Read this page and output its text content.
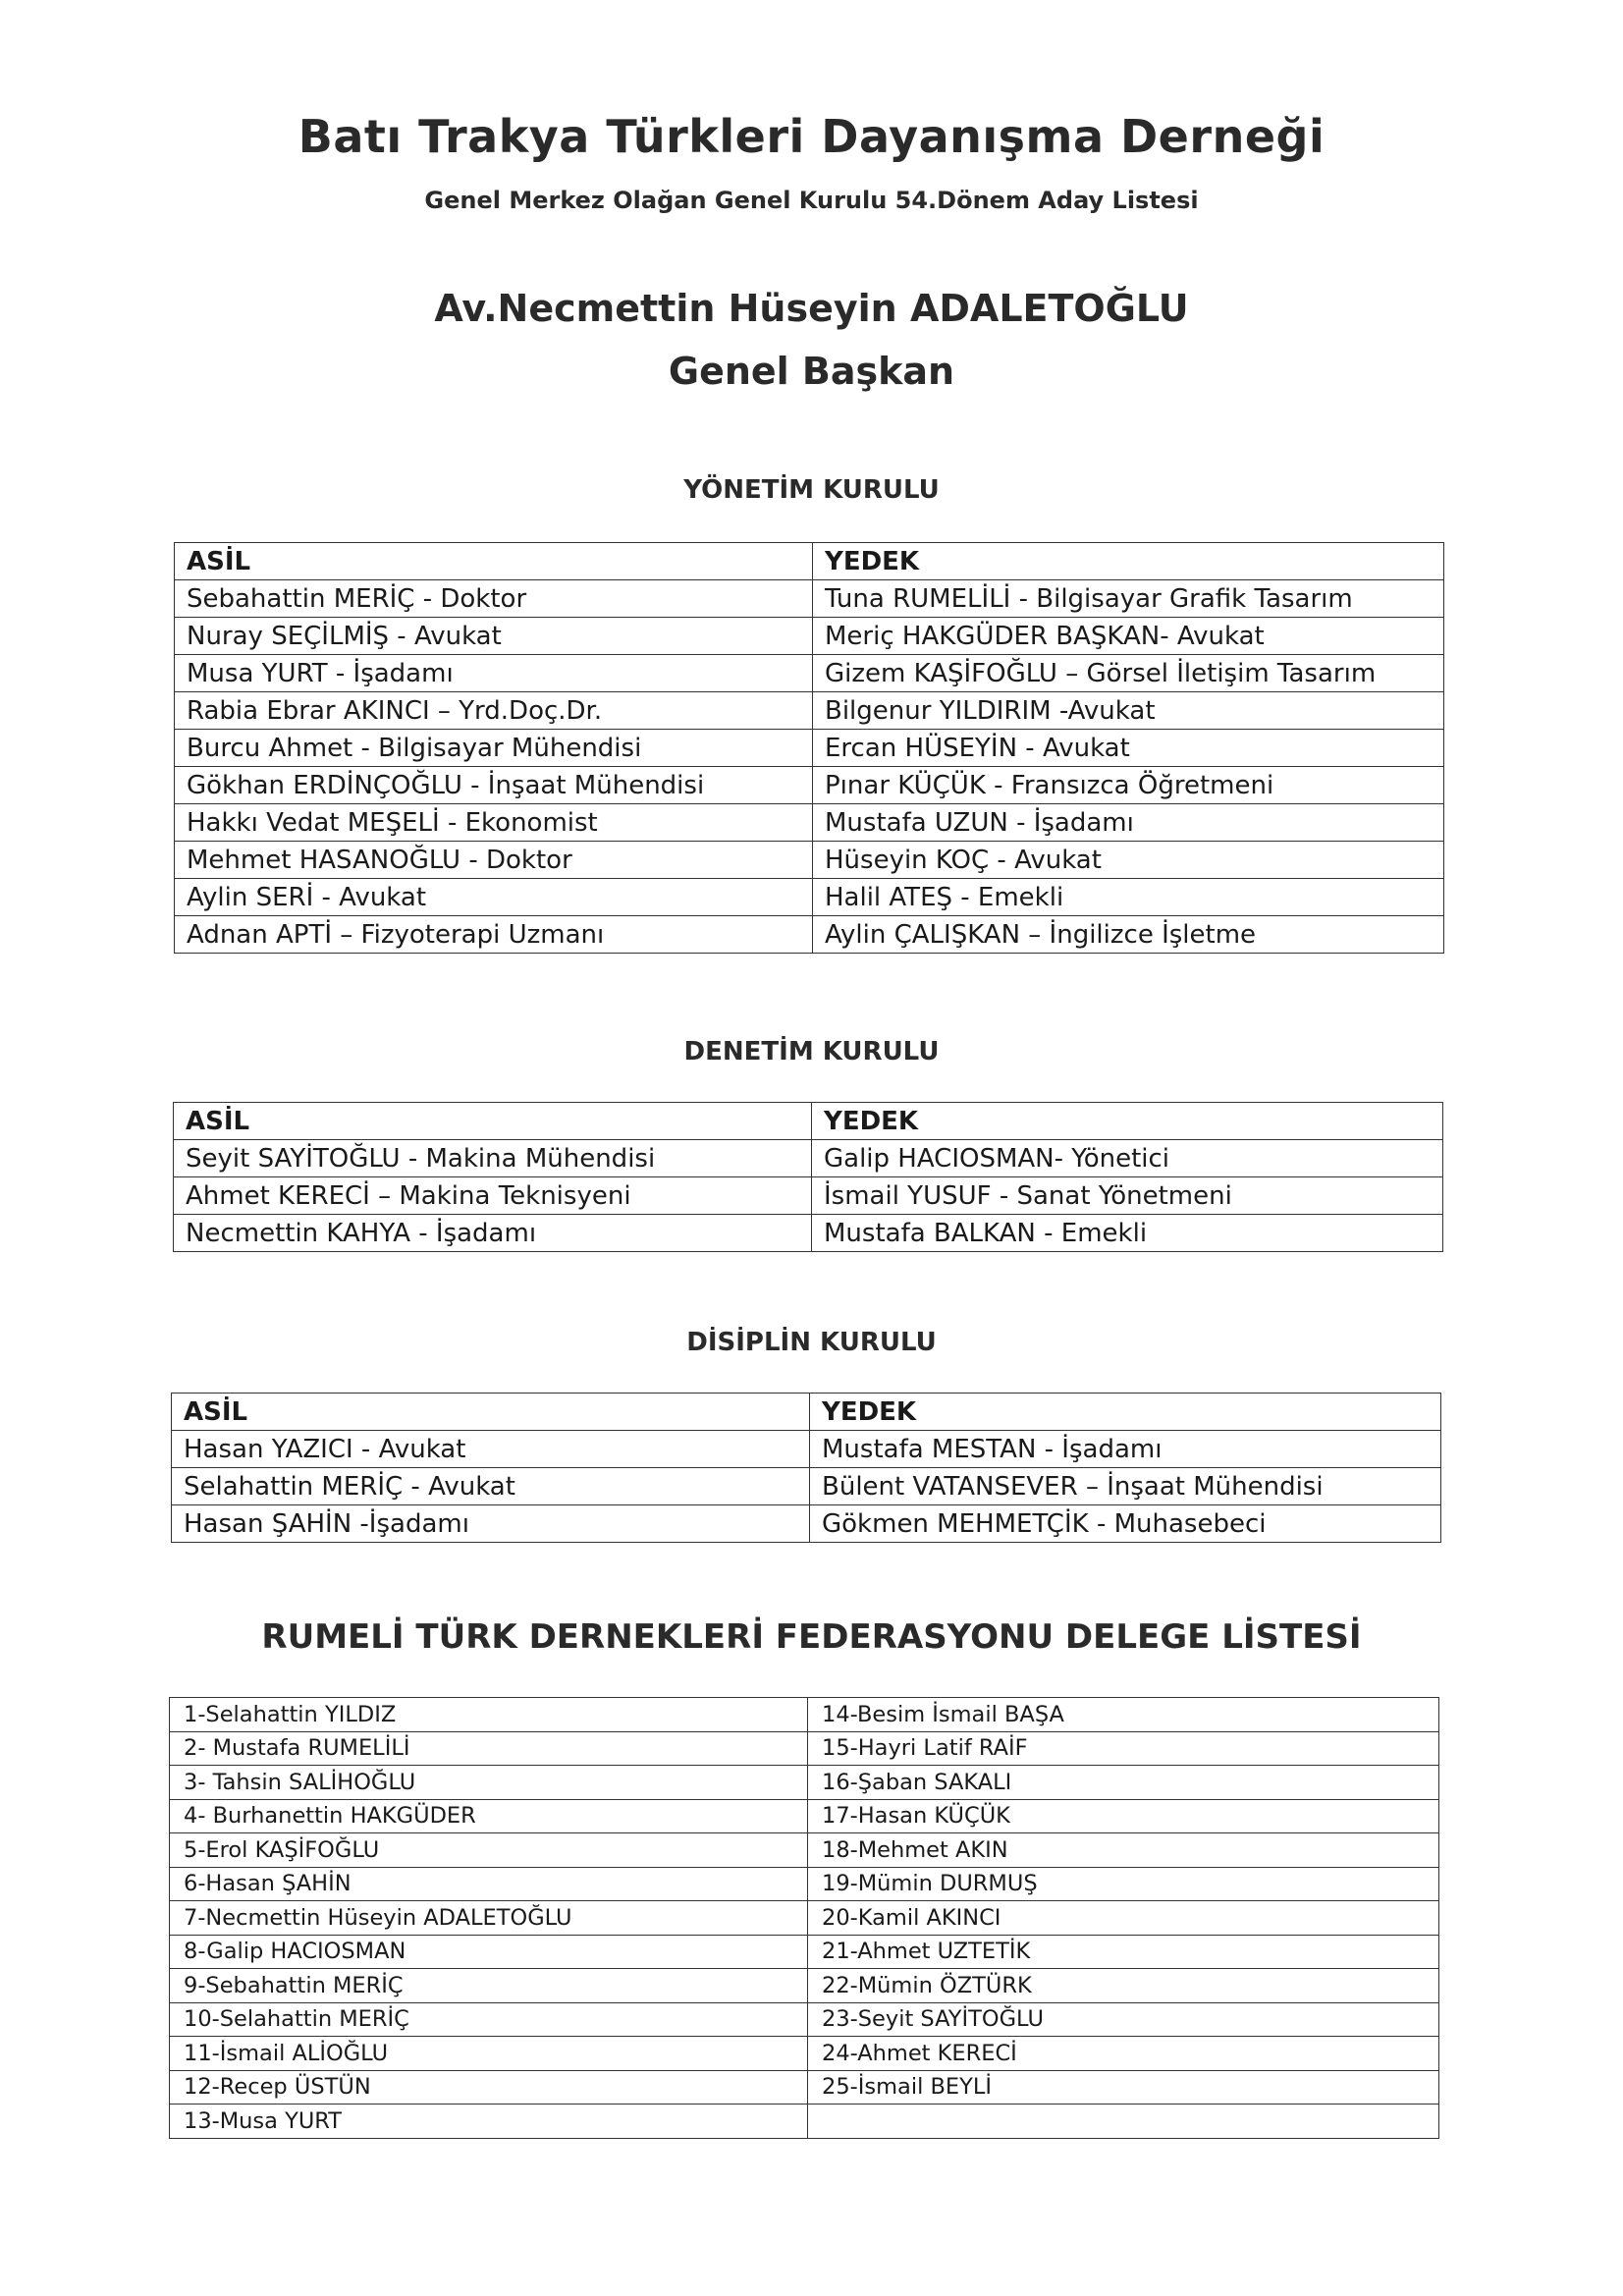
Batı Trakya Türkleri Dayanışma Derneği
Genel Merkez Olağan Genel Kurulu 54.Dönem Aday Listesi
Av.Necmettin Hüseyin ADALETOĞLU
Genel Başkan
YÖNETİM KURULU
ASİL	YEDEK
Sebahattin MERİÇ - Doktor	Tuna RUMELİLİ - Bilgisayar Grafik Tasarım
Nuray SEÇİLMİŞ - Avukat	Meriç HAKGÜDER BAŞKAN- Avukat
Musa YURT - İşadamı	Gizem KAŞİFOĞLU – Görsel İletişim Tasarım
Rabia Ebrar AKINCI – Yrd.Doç.Dr.	Bilgenur YILDIRIM -Avukat
Burcu Ahmet - Bilgisayar Mühendisi	Ercan HÜSEYİN - Avukat
Gökhan ERDİNÇOĞLU - İnşaat Mühendisi	Pınar KÜÇÜK - Fransızca Öğretmeni
Hakkı Vedat MEŞELİ - Ekonomist	Mustafa UZUN - İşadamı
Mehmet HASANOĞLU - Doktor	Hüseyin KOÇ - Avukat
Aylin SERİ - Avukat	Halil ATEŞ - Emekli
Adnan APTİ – Fizyoterapi Uzmanı	Aylin ÇALIŞKAN – İngilizce İşletme
DENETİM KURULU
ASİL	YEDEK
Seyit SAYİTOĞLU - Makina Mühendisi	Galip HACIOSMAN- Yönetici
Ahmet KERECİ – Makina Teknisyeni	İsmail YUSUF - Sanat Yönetmeni
Necmettin KAHYA - İşadamı	Mustafa BALKAN - Emekli
DİSİPLİN KURULU
ASİL	YEDEK
Hasan YAZICI - Avukat	Mustafa MESTAN - İşadamı
Selahattin MERİÇ - Avukat	Bülent VATANSEVER – İnşaat Mühendisi
Hasan ŞAHİN -İşadamı	Gökmen MEHMETÇİK - Muhasebeci
RUMELİ TÜRK DERNEKLERİ FEDERASYONU DELEGE LİSTESİ
1-Selahattin YILDIZ	14-Besim İsmail BAŞA
2- Mustafa RUMELİLİ	15-Hayri Latif RAİF
3- Tahsin SALİHOĞLU	16-Şaban SAKALI
4- Burhanettin HAKGÜDER	17-Hasan KÜÇÜK
5-Erol KAŞİFOĞLU	18-Mehmet AKIN
6-Hasan ŞAHİN	19-Mümin DURMUŞ
7-Necmettin Hüseyin ADALETOĞLU	20-Kamil AKINCI
8-Galip HACIOSMAN	21-Ahmet UZTETİK
9-Sebahattin MERİÇ	22-Mümin ÖZTÜRK
10-Selahattin MERİÇ	23-Seyit SAYİTOĞLU
11-İsmail ALİOĞLU	24-Ahmet KERECİ
12-Recep ÜSTÜN	25-İsmail BEYLİ
13-Musa YURT	
